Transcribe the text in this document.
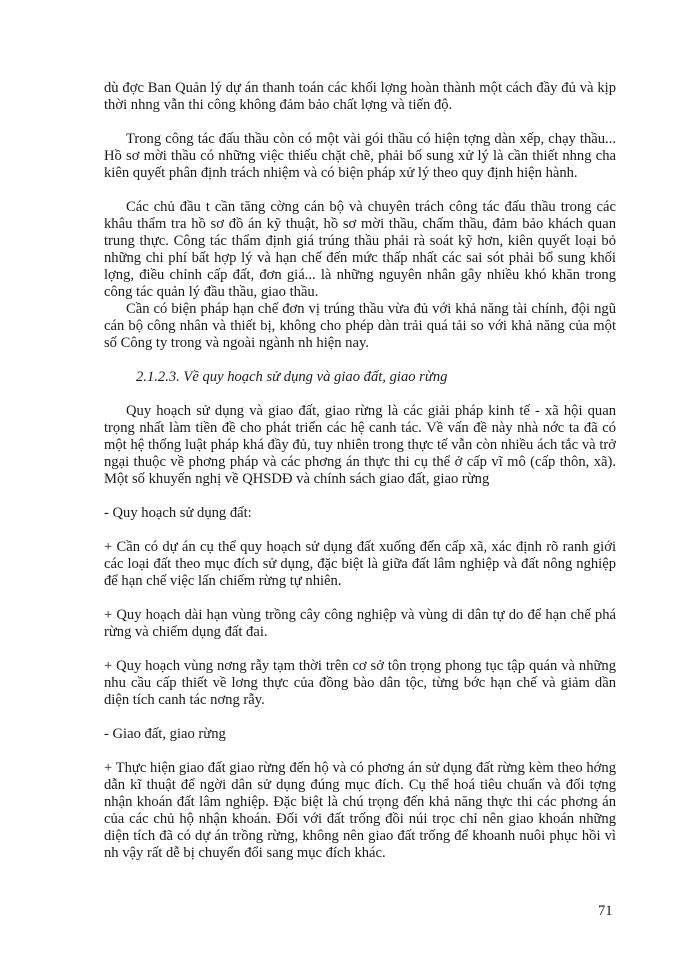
dù đợc Ban Quản lý dự án thanh toán các khối lợng hoàn thành một cách đầy đủ và kịp thời nhng vẫn thi công không đảm bảo chất lợng và tiến độ.

Trong công tác đấu thầu còn có một vài gói thầu có hiện tợng dàn xếp, chạy thầu... Hồ sơ mời thầu có những việc thiếu chặt chẽ, phải bổ sung xử lý là cần thiết nhng cha kiên quyết phân định trách nhiệm và có biện pháp xử lý theo quy định hiện hành.

Các chủ đầu t cần tăng cờng cán bộ và chuyên trách công tác đấu thầu trong các khâu thẩm tra hồ sơ đồ án kỹ thuật, hồ sơ mời thầu, chấm thầu, đảm bảo khách quan trung thực. Công tác thẩm định giá trúng thầu phải rà soát kỹ hơn, kiên quyết loại bỏ những chi phí bất hợp lý và hạn chế đến mức thấp nhất các sai sót phải bổ sung khối lợng, điều chỉnh cấp đất, đơn giá... là những nguyên nhân gây nhiều khó khăn trong công tác quản lý đầu thầu, giao thầu.

Cần có biện pháp hạn chế đơn vị trúng thầu vừa đủ với khả năng tài chính, đội ngũ cán bộ công nhân và thiết bị, không cho phép dàn trải quá tải so với khả năng của một số Công ty trong và ngoài ngành nh hiện nay.

2.1.2.3. Về quy hoạch sử dụng và giao đất, giao rừng

Quy hoạch sử dụng và giao đất, giao rừng là các giải pháp kinh tế - xã hội quan trọng nhất làm tiền đề cho phát triển các hệ canh tác. Về vấn đề này nhà nớc ta đã có một hệ thống luật pháp khá đầy đủ, tuy nhiên trong thực tế vẫn còn nhiều ách tắc và trở ngại thuộc về phơng pháp và các phơng án thực thi cụ thể ở cấp vĩ mô (cấp thôn, xã). Một số khuyến nghị về QHSDĐ và chính sách giao đất, giao rừng

- Quy hoạch sử dụng đất:

+ Cần có dự án cụ thể quy hoạch sử dụng đất xuống đến cấp xã, xác định rõ ranh giới các loại đất theo mục đích sử dụng, đặc biệt là giữa đất lâm nghiệp và đất nông nghiệp để hạn chế việc lấn chiếm rừng tự nhiên.

+ Quy hoạch dài hạn vùng trồng cây công nghiệp và vùng di dân tự do để hạn chế phá rừng và chiếm dụng đất đai.

+ Quy hoạch vùng nơng rẫy tạm thời trên cơ sở tôn trọng phong tục tập quán và những nhu cầu cấp thiết về lơng thực của đồng bào dân tộc, từng bớc hạn chế và giảm dần diện tích canh tác nơng rẫy.

- Giao đất, giao rừng

+ Thực hiện giao đất giao rừng đến hộ và có phơng án sử dụng đất rừng kèm theo hớng dẫn kĩ thuật để ngời dân sử dụng đúng mục đích. Cụ thể hoá tiêu chuẩn và đối tợng nhận khoán đất lâm nghiệp. Đặc biệt là chú trọng đến khả năng thực thi các phơng án của các chủ hộ nhận khoán. Đối với đất trống đồi núi trọc chỉ nên giao khoán những diện tích đã có dự án trồng rừng, không nên giao đất trống để khoanh nuôi phục hồi vì nh vậy rất dễ bị chuyển đổi sang mục đích khác.

71
